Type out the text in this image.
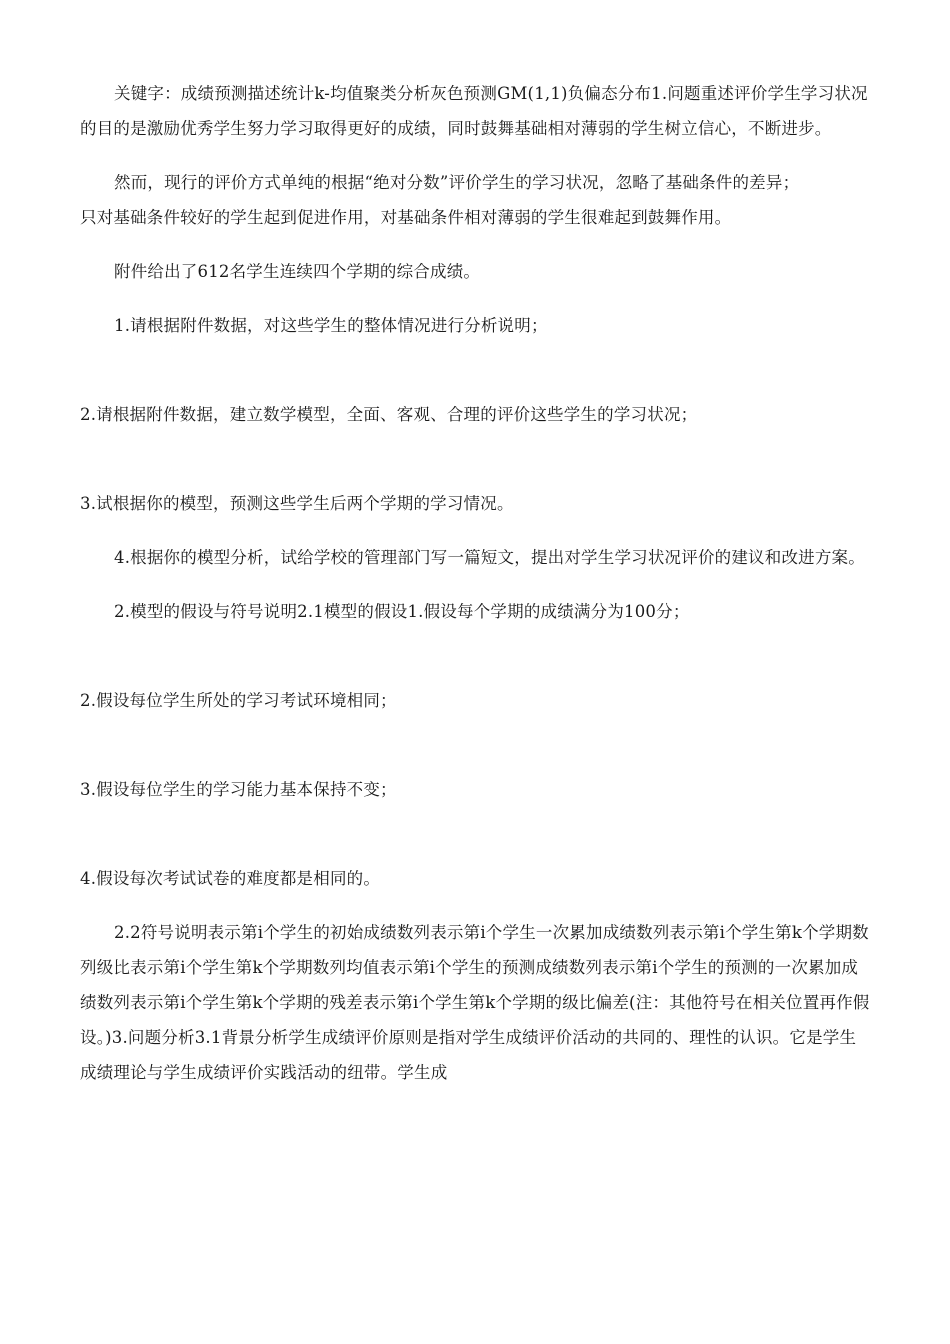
关键字：成绩预测描述统计k-均值聚类分析灰色预测GM(1,1)负偏态分布1.问题重述评价学生学习状况的目的是激励优秀学生努力学习取得更好的成绩，同时鼓舞基础相对薄弱的学生树立信心，不断进步。

然而，现行的评价方式单纯的根据“绝对分数”评价学生的学习状况，忽略了基础条件的差异；

只对基础条件较好的学生起到促进作用，对基础条件相对薄弱的学生很难起到鼓舞作用。

附件给出了612名学生连续四个学期的综合成绩。

1.请根据附件数据，对这些学生的整体情况进行分析说明；

2.请根据附件数据，建立数学模型，全面、客观、合理的评价这些学生的学习状况；

3.试根据你的模型，预测这些学生后两个学期的学习情况。

4.根据你的模型分析，试给学校的管理部门写一篇短文，提出对学生学习状况评价的建议和改进方案。

2.模型的假设与符号说明2.1模型的假设1.假设每个学期的成绩满分为100分；

2.假设每位学生所处的学习考试环境相同；

3.假设每位学生的学习能力基本保持不变；

4.假设每次考试试卷的难度都是相同的。

2.2符号说明表示第i个学生的初始成绩数列表示第i个学生一次累加成绩数列表示第i个学生第k个学期数列级比表示第i个学生第k个学期数列均值表示第i个学生的预测成绩数列表示第i个学生的预测的一次累加成绩数列表示第i个学生第k个学期的残差表示第i个学生第k个学期的级比偏差(注：其他符号在相关位置再作假设。)3.问题分析3.1背景分析学生成绩评价原则是指对学生成绩评价活动的共同的、理性的认识。它是学生成绩理论与学生成绩评价实践活动的纽带。学生成
